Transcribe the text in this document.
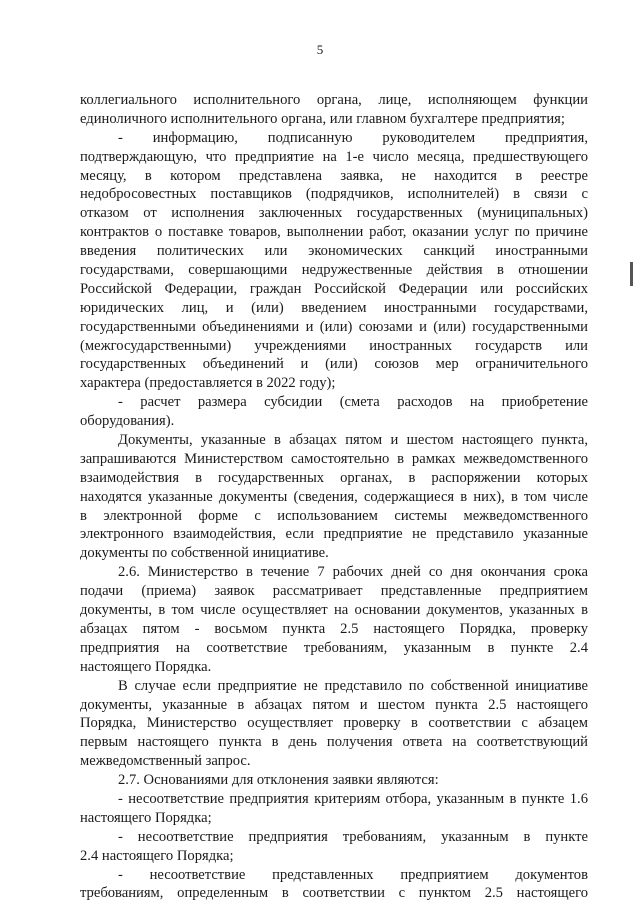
5
коллегиального исполнительного органа, лице, исполняющем функции
единоличного исполнительного органа, или главном бухгалтере предприятия;
- информацию, подписанную руководителем предприятия,
подтверждающую, что предприятие на 1-е число месяца, предшествующего
месяцу, в котором представлена заявка, не находится в реестре
недобросовестных поставщиков (подрядчиков, исполнителей) в связи с
отказом от исполнения заключенных государственных (муниципальных)
контрактов о поставке товаров, выполнении работ, оказании услуг по причине
введения политических или экономических санкций иностранными
государствами, совершающими недружественные действия в отношении
Российской Федерации, граждан Российской Федерации или российских
юридических лиц, и (или) введением иностранными государствами,
государственными объединениями и (или) союзами и (или) государственными
(межгосударственными) учреждениями иностранных государств или
государственных объединений и (или) союзов мер ограничительного
характера (предоставляется в 2022 году);
- расчет размера субсидии (смета расходов на приобретение
оборудования).
Документы, указанные в абзацах пятом и шестом настоящего пункта,
запрашиваются Министерством самостоятельно в рамках межведомственного
взаимодействия в государственных органах, в распоряжении которых
находятся указанные документы (сведения, содержащиеся в них), в том числе
в электронной форме с использованием системы межведомственного
электронного взаимодействия, если предприятие не представило указанные
документы по собственной инициативе.
2.6. Министерство в течение 7 рабочих дней со дня окончания срока
подачи (приема) заявок рассматривает представленные предприятием
документы, в том числе осуществляет на основании документов, указанных в
абзацах пятом - восьмом пункта 2.5 настоящего Порядка, проверку
предприятия на соответствие требованиям, указанным в пункте 2.4
настоящего Порядка.
В случае если предприятие не представило по собственной инициативе
документы, указанные в абзацах пятом и шестом пункта 2.5 настоящего
Порядка, Министерство осуществляет проверку в соответствии с абзацем
первым настоящего пункта в день получения ответа на соответствующий
межведомственный запрос.
2.7. Основаниями для отклонения заявки являются:
- несоответствие предприятия критериям отбора, указанным в пункте 1.6
настоящего Порядка;
- несоответствие предприятия требованиям, указанным в пункте
2.4 настоящего Порядка;
- несоответствие представленных предприятием документов
требованиям, определенным в соответствии с пунктом 2.5 настоящего
